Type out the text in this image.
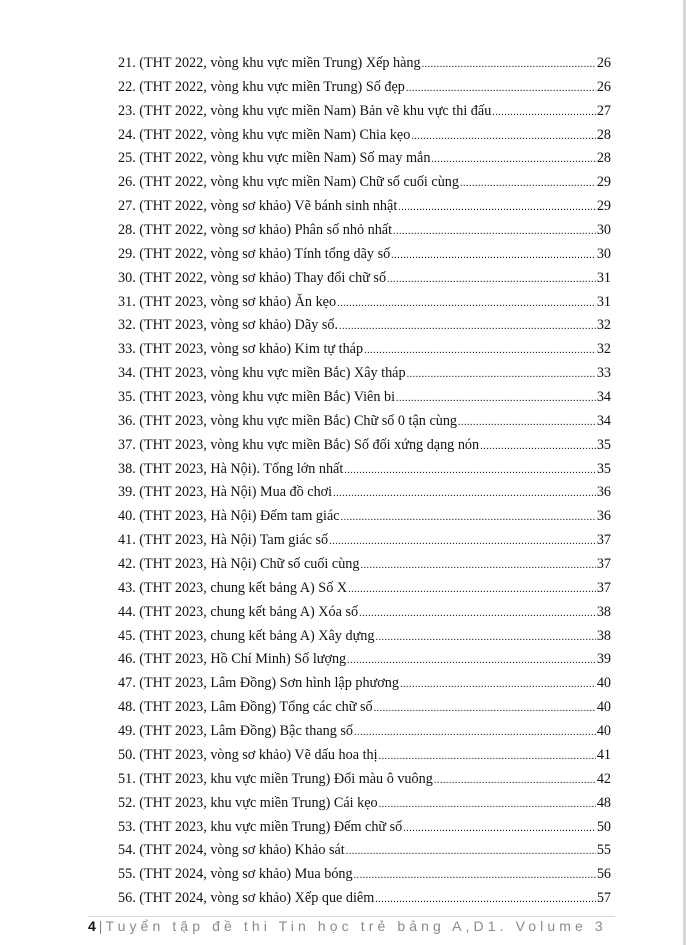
21. (THT 2022, vòng khu vực miền Trung) Xếp hàng .....	26
22. (THT 2022, vòng khu vực miền Trung) Số đẹp .....	26
23. (THT 2022, vòng khu vực miền Nam) Bản vẽ khu vực thi đấu .....	27
24. (THT 2022, vòng khu vực miền Nam) Chia kẹo .....	28
25. (THT 2022, vòng khu vực miền Nam) Số may mắn .....	28
26. (THT 2022, vòng khu vực miền Nam) Chữ số cuối cùng .....	29
27. (THT 2022, vòng sơ khảo) Vẽ bánh sinh nhật .....	29
28. (THT 2022, vòng sơ khảo) Phân số nhỏ nhất .....	30
29. (THT 2022, vòng sơ khảo) Tính tổng dãy số .....	30
30. (THT 2022, vòng sơ khảo) Thay đổi chữ số .....	31
31. (THT 2023, vòng sơ khảo) Ăn kẹo .....	31
32. (THT 2023, vòng sơ khảo) Dãy số. .....	32
33. (THT 2023, vòng sơ khảo) Kim tự tháp .....	32
34. (THT 2023, vòng khu vực miền Bắc) Xây tháp .....	33
35. (THT 2023, vòng khu vực miền Bắc) Viên bi .....	34
36. (THT 2023, vòng khu vực miền Bắc) Chữ số 0 tận cùng .....	34
37. (THT 2023, vòng khu vực miền Bắc) Số đối xứng dạng nón .....	35
38. (THT 2023, Hà Nội). Tổng lớn nhất .....	35
39. (THT 2023, Hà Nội) Mua đồ chơi .....	36
40. (THT 2023, Hà Nội) Đếm tam giác .....	36
41. (THT 2023, Hà Nội) Tam giác số .....	37
42. (THT 2023, Hà Nội) Chữ số cuối cùng .....	37
43. (THT 2023, chung kết bảng A) Số X .....	37
44. (THT 2023, chung kết bảng A) Xóa số .....	38
45. (THT 2023, chung kết bảng A) Xây dựng .....	38
46. (THT 2023, Hồ Chí Minh) Số lượng .....	39
47. (THT 2023, Lâm Đồng) Sơn hình lập phương .....	40
48. (THT 2023, Lâm Đồng) Tổng các chữ số .....	40
49. (THT 2023, Lâm Đồng) Bậc thang số .....	40
50. (THT 2023, vòng sơ khảo) Vẽ dấu hoa thị .....	41
51. (THT 2023, khu vực miền Trung) Đổi màu ô vuông .....	42
52. (THT 2023, khu vực miền Trung) Cái kẹo .....	48
53. (THT 2023, khu vực miền Trung) Đếm chữ số .....	50
54. (THT 2024, vòng sơ khảo) Khảo sát .....	55
55. (THT 2024, vòng sơ khảo) Mua bóng .....	56
56. (THT 2024, vòng sơ khảo) Xếp que diêm .....	57
4 | Tuyển tập đề thi Tin học trẻ bảng A,D1. Volume 3
